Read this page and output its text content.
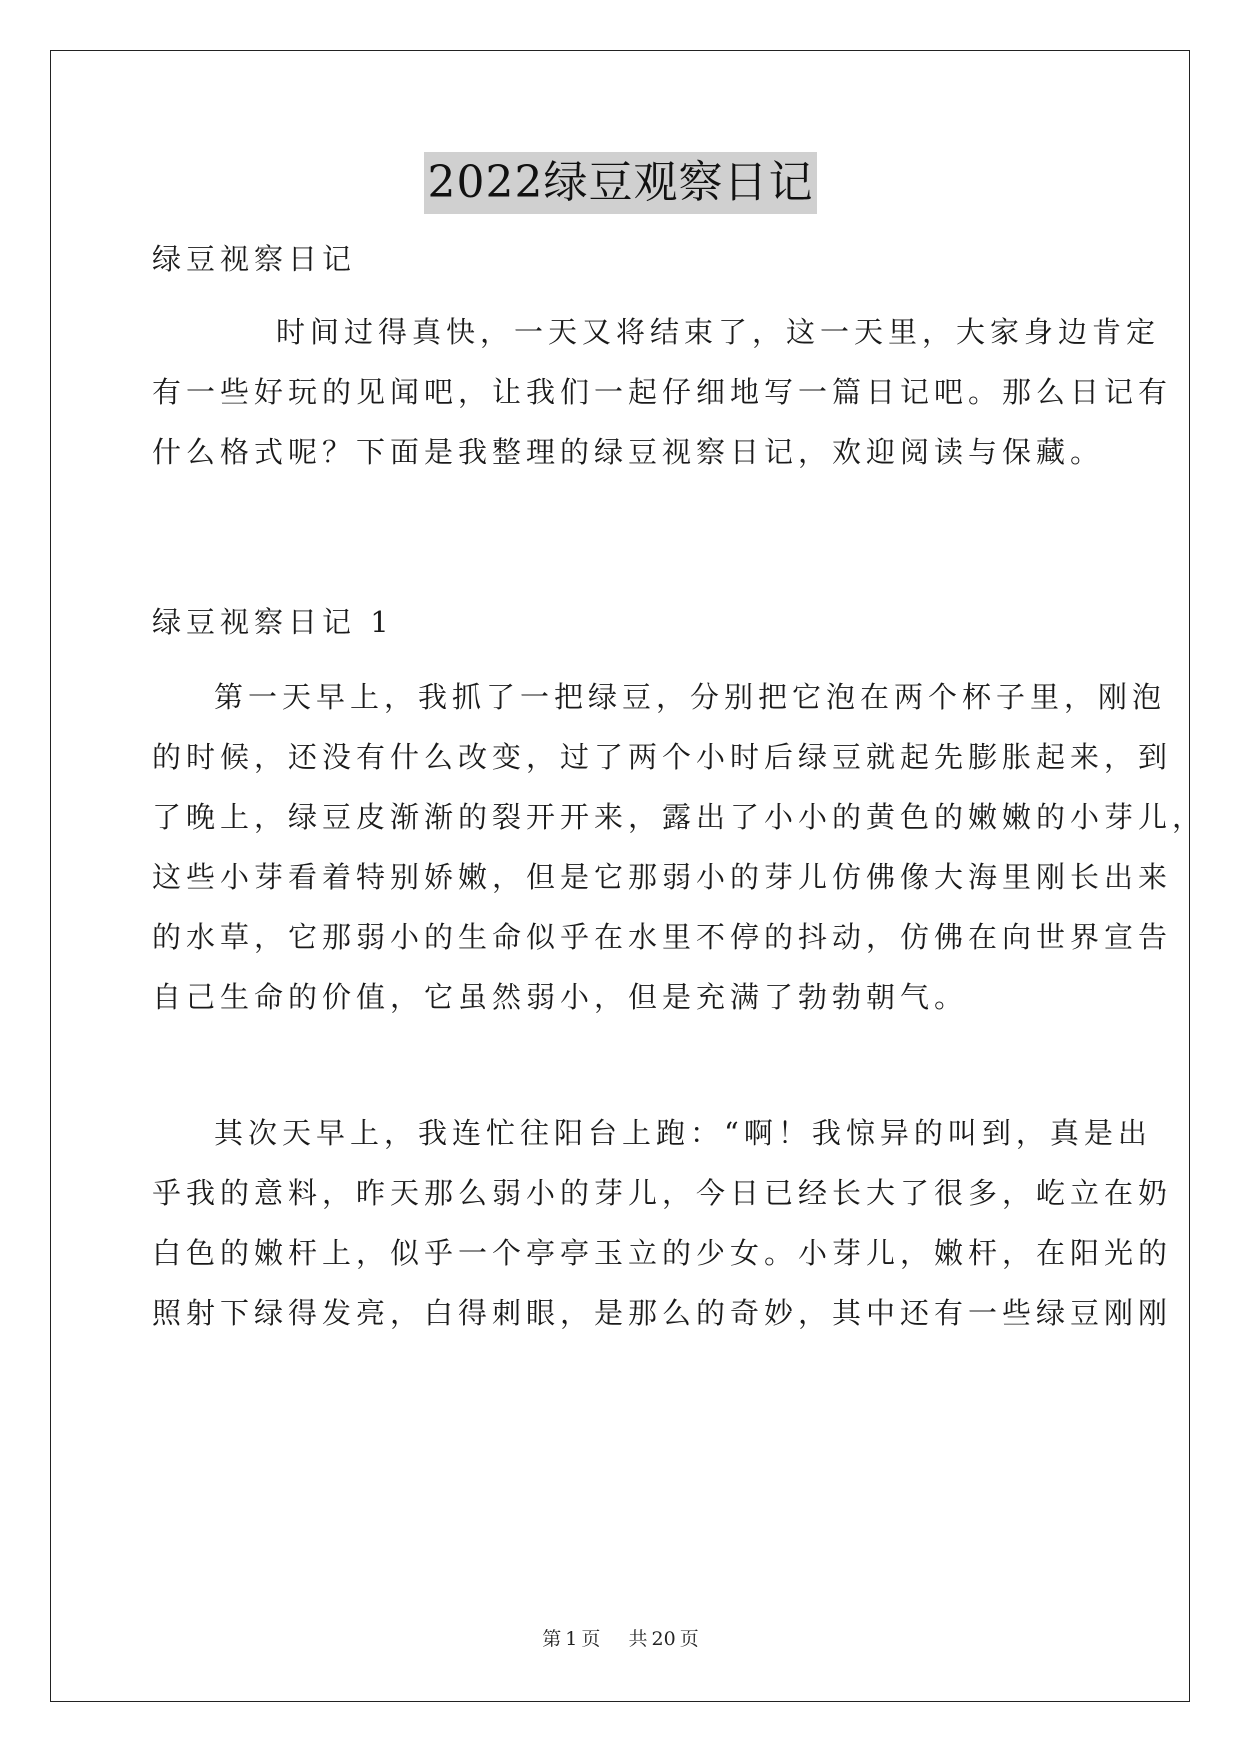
2022绿豆观察日记
绿豆视察日记
时间过得真快，一天又将结束了，这一天里，大家身边肯定
有一些好玩的见闻吧，让我们一起仔细地写一篇日记吧。那么日记有
什么格式呢？下面是我整理的绿豆视察日记，欢迎阅读与保藏。
绿豆视察日记 1
第一天早上，我抓了一把绿豆，分别把它泡在两个杯子里，刚泡
的时候，还没有什么改变，过了两个小时后绿豆就起先膨胀起来，到
了晚上，绿豆皮渐渐的裂开开来，露出了小小的黄色的嫩嫩的小芽儿，
这些小芽看着特别娇嫩，但是它那弱小的芽儿仿佛像大海里刚长出来
的水草，它那弱小的生命似乎在水里不停的抖动，仿佛在向世界宣告
自己生命的价值，它虽然弱小，但是充满了勃勃朝气。
其次天早上，我连忙往阳台上跑：“啊！我惊异的叫到，真是出
乎我的意料，昨天那么弱小的芽儿，今日已经长大了很多，屹立在奶
白色的嫩杆上，似乎一个亭亭玉立的少女。小芽儿，嫩杆，在阳光的
照射下绿得发亮，白得刺眼，是那么的奇妙，其中还有一些绿豆刚刚
第 1 页 共 20 页
